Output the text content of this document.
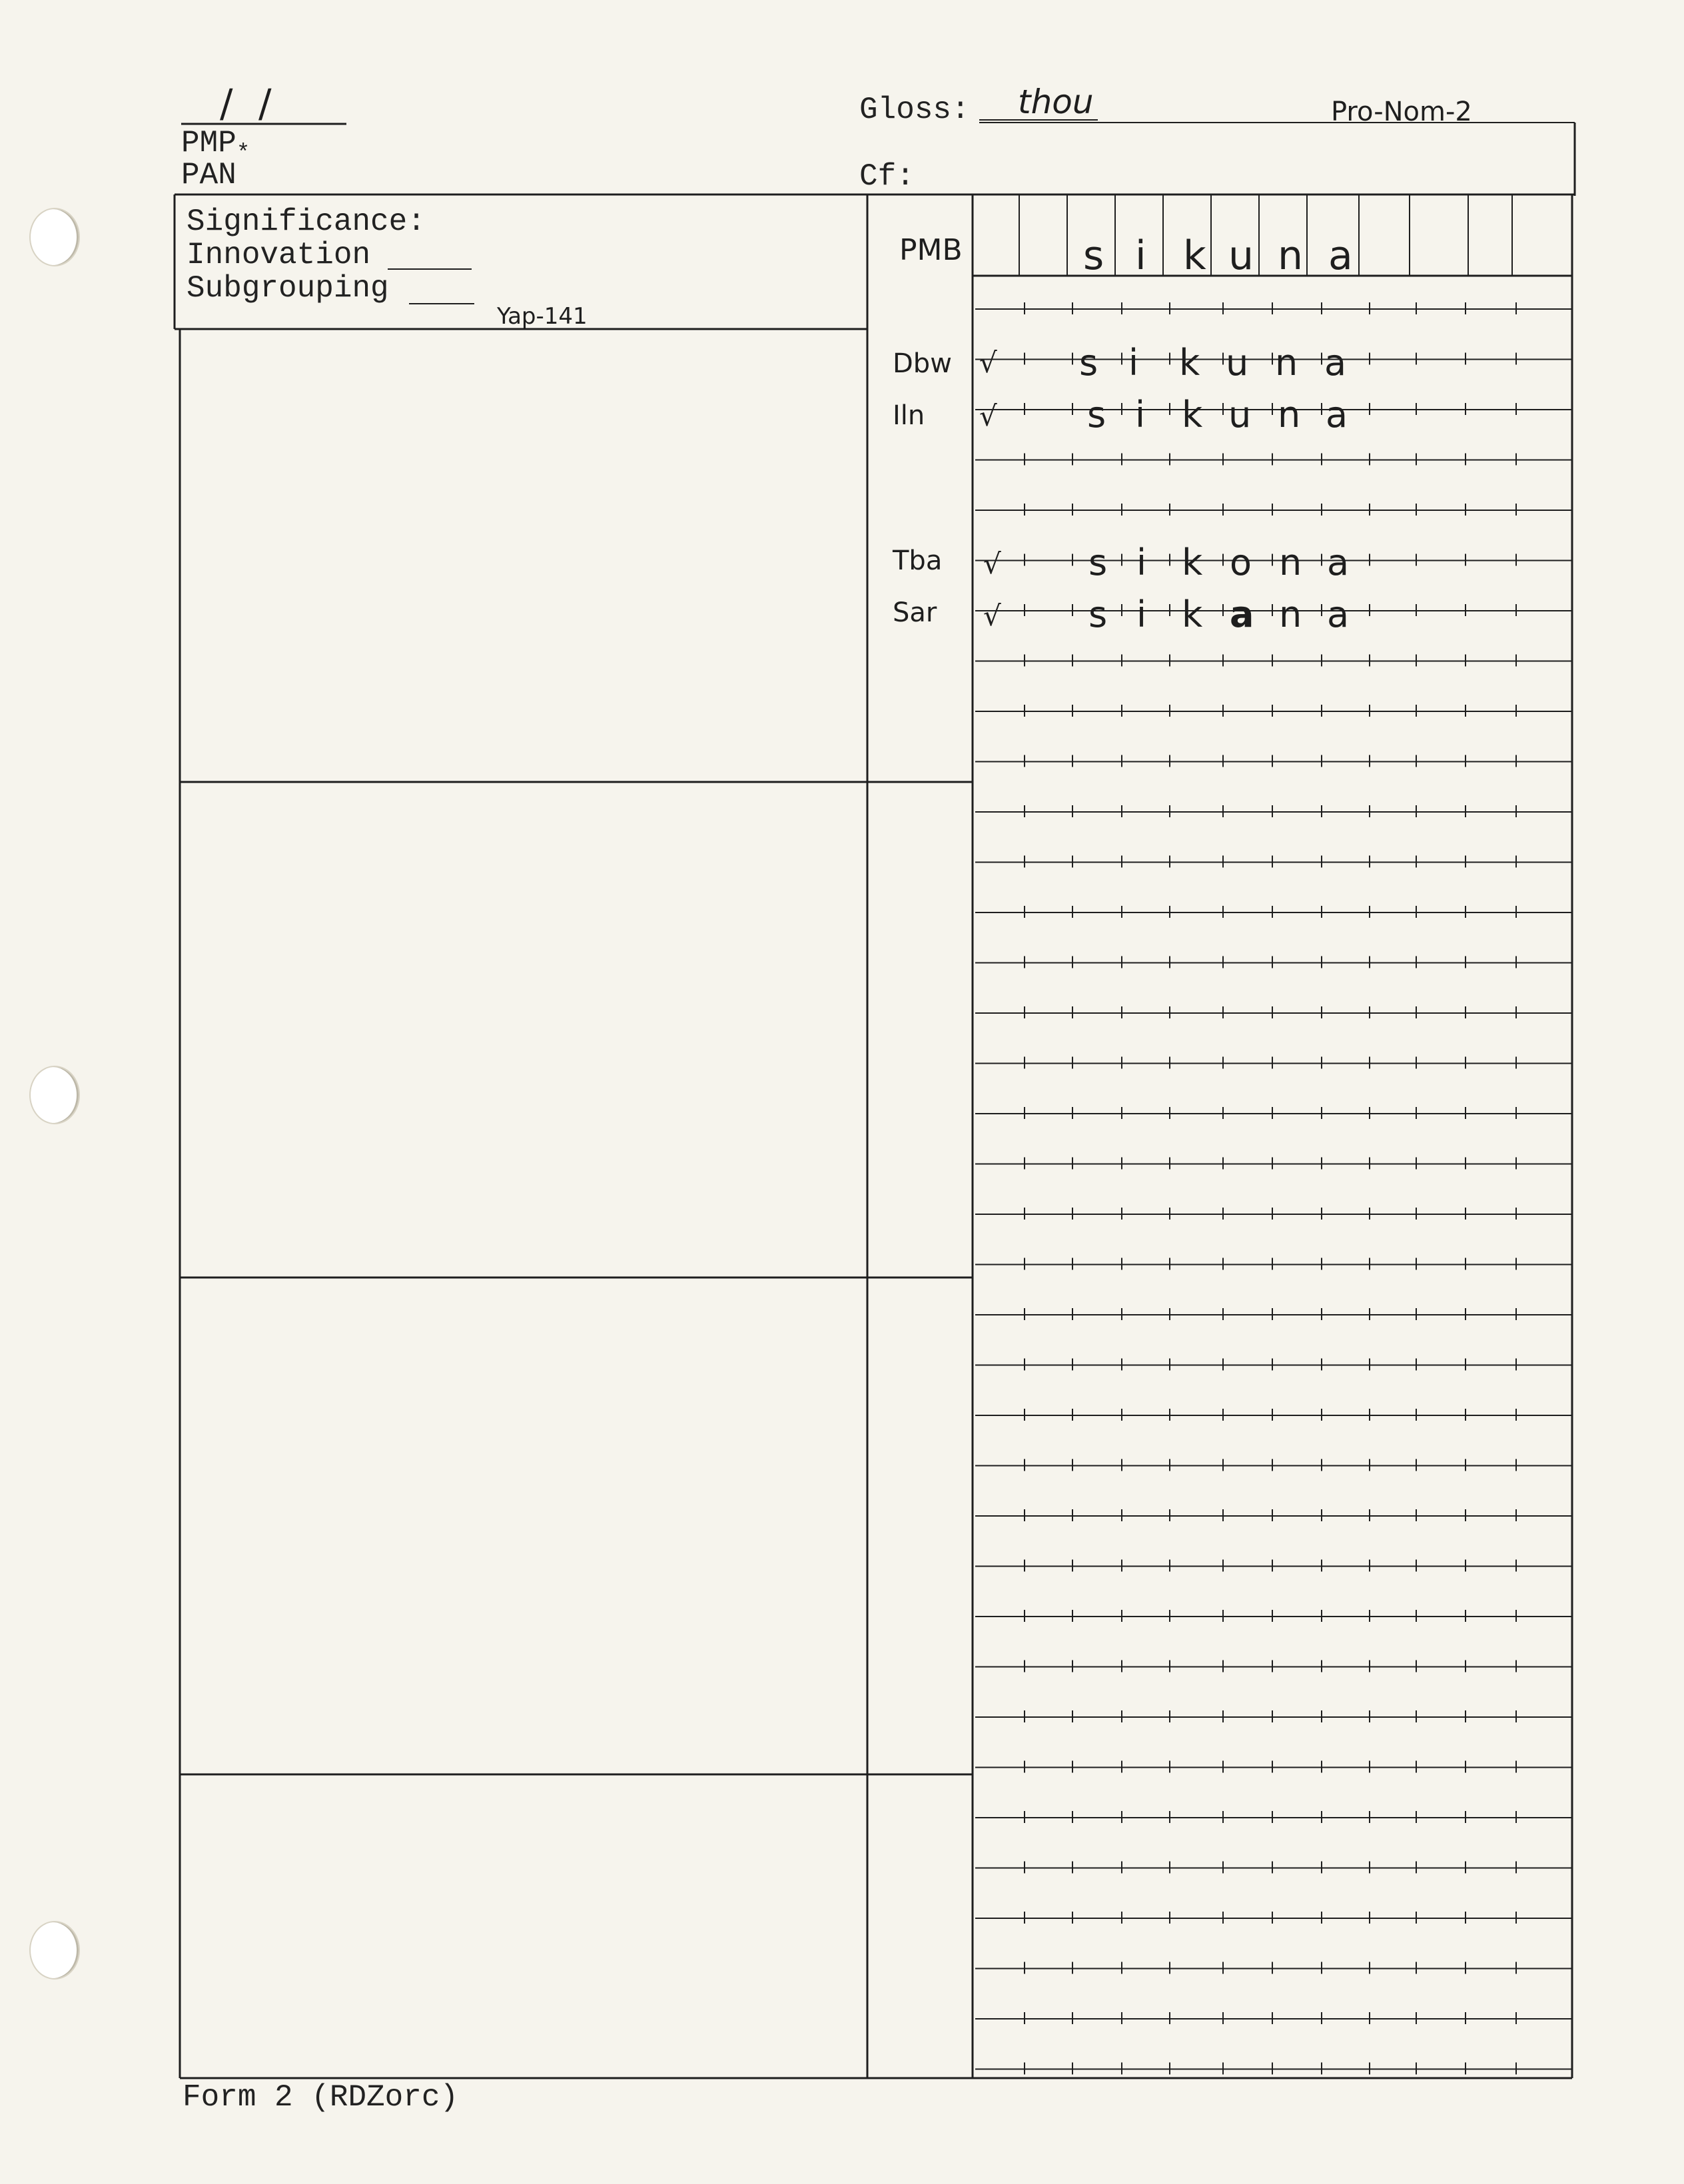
/ /
$PMP_*$
PAN
Gloss: thou	Pro-Nom-2
Cf:
Significance:
Innovation
Subgrouping
Yap-141
PMB
Dbw
Iln
Tba
Sar
√
√
√
√
s i k u n a
s i k u n a
s i k u n a
s i k o n a
s i k a n a
Form 2 (RDZorc)
